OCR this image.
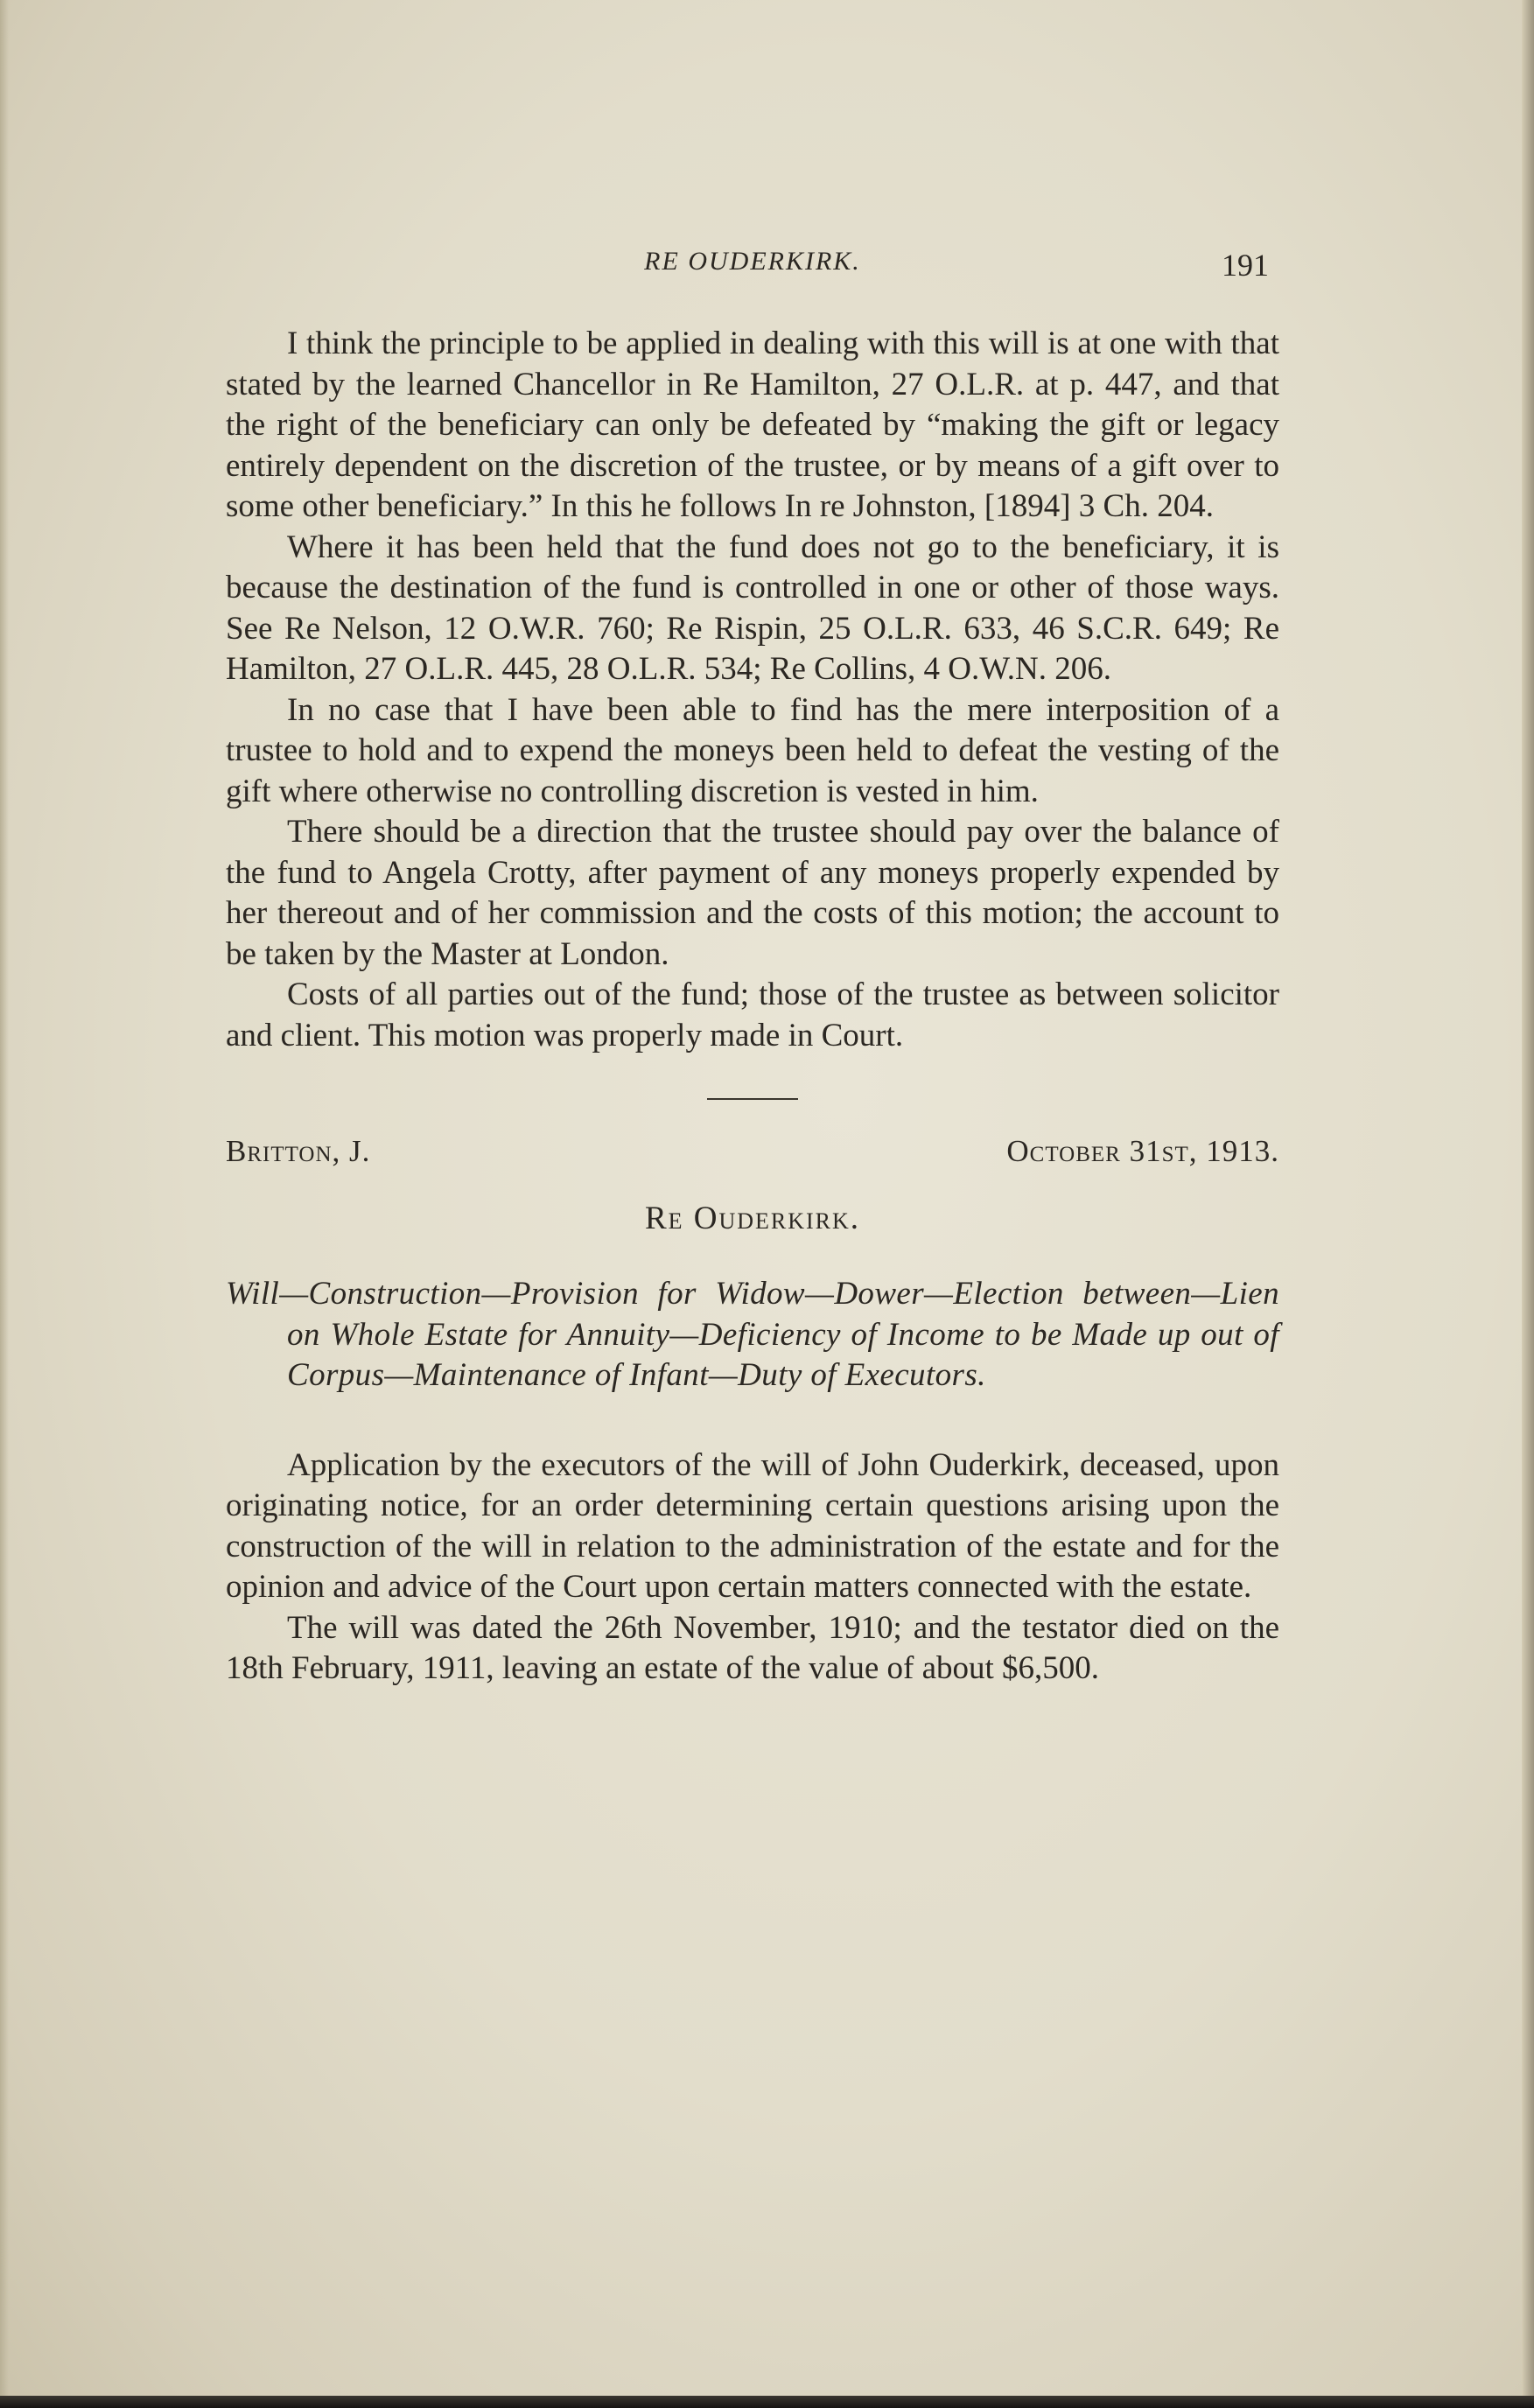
RE OUDERKIRK.	191

I think the principle to be applied in dealing with this will is at one with that stated by the learned Chancellor in Re Hamilton, 27 O.L.R. at p. 447, and that the right of the beneficiary can only be defeated by “making the gift or legacy entirely dependent on the discretion of the trustee, or by means of a gift over to some other beneficiary.” In this he follows In re Johnston, [1894] 3 Ch. 204.

Where it has been held that the fund does not go to the beneficiary, it is because the destination of the fund is controlled in one or other of those ways. See Re Nelson, 12 O.W.R. 760; Re Rispin, 25 O.L.R. 633, 46 S.C.R. 649; Re Hamilton, 27 O.L.R. 445, 28 O.L.R. 534; Re Collins, 4 O.W.N. 206.

In no case that I have been able to find has the mere interposition of a trustee to hold and to expend the moneys been held to defeat the vesting of the gift where otherwise no controlling discretion is vested in him.

There should be a direction that the trustee should pay over the balance of the fund to Angela Crotty, after payment of any moneys properly expended by her thereout and of her commission and the costs of this motion; the account to be taken by the Master at London.

Costs of all parties out of the fund; those of the trustee as between solicitor and client. This motion was properly made in Court.

Britton, J.	October 31st, 1913.
Re Ouderkirk.
Will—Construction—Provision for Widow—Dower—Election between—Lien on Whole Estate for Annuity—Deficiency of Income to be Made up out of Corpus—Maintenance of Infant—Duty of Executors.

Application by the executors of the will of John Ouderkirk, deceased, upon originating notice, for an order determining certain questions arising upon the construction of the will in relation to the administration of the estate and for the opinion and advice of the Court upon certain matters connected with the estate.

The will was dated the 26th November, 1910; and the testator died on the 18th February, 1911, leaving an estate of the value of about $6,500.
